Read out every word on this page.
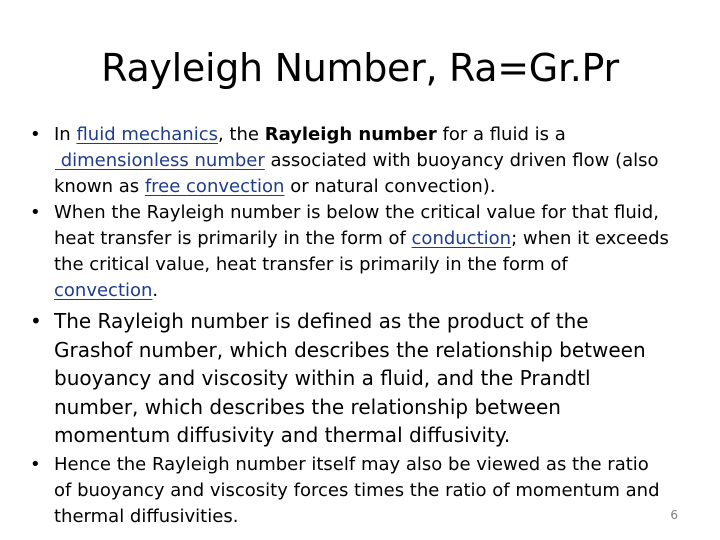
Rayleigh Number, Ra=Gr.Pr
• In fluid mechanics, the Rayleigh number for a fluid is a
dimensionless number associated with buoyancy driven flow (also known as free convection or natural convection).
• When the Rayleigh number is below the critical value for that fluid, heat transfer is primarily in the form of conduction; when it exceeds the critical value, heat transfer is primarily in the form of convection.
• The Rayleigh number is defined as the product of the Grashof number, which describes the relationship between buoyancy and viscosity within a fluid, and the Prandtl number, which describes the relationship between momentum diffusivity and thermal diffusivity.
• Hence the Rayleigh number itself may also be viewed as the ratio of buoyancy and viscosity forces times the ratio of momentum and thermal diffusivities.	6
